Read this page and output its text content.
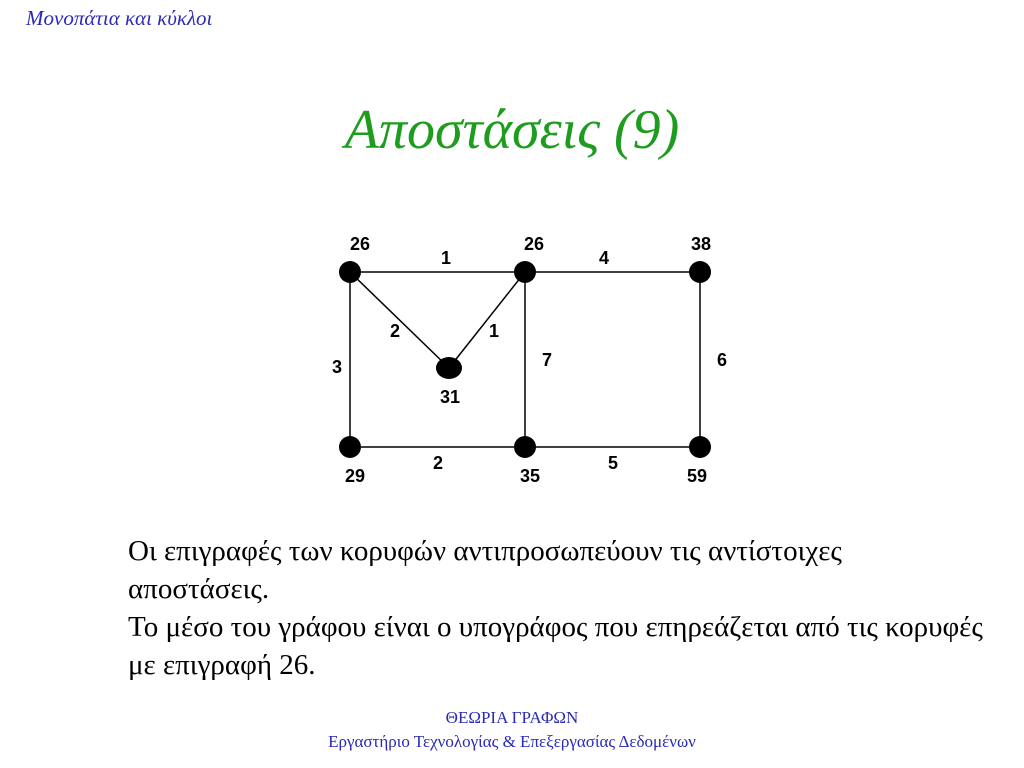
Μονοπάτια και κύκλοι
Αποστάσεις (9)
26	26	38
31
29	35	59
1	4
2	1
3	7	6
2	5

Οι επιγραφές των κορυφών αντιπροσωπεύουν τις αντίστοιχες αποστάσεις.

Το μέσο του γράφου είναι ο υπογράφος που επηρεάζεται από τις κορυφές με επιγραφή 26.

ΘΕΩΡΙΑ ΓΡΑΦΩΝ
Εργαστήριο Τεχνολογίας & Επεξεργασίας Δεδομένων
